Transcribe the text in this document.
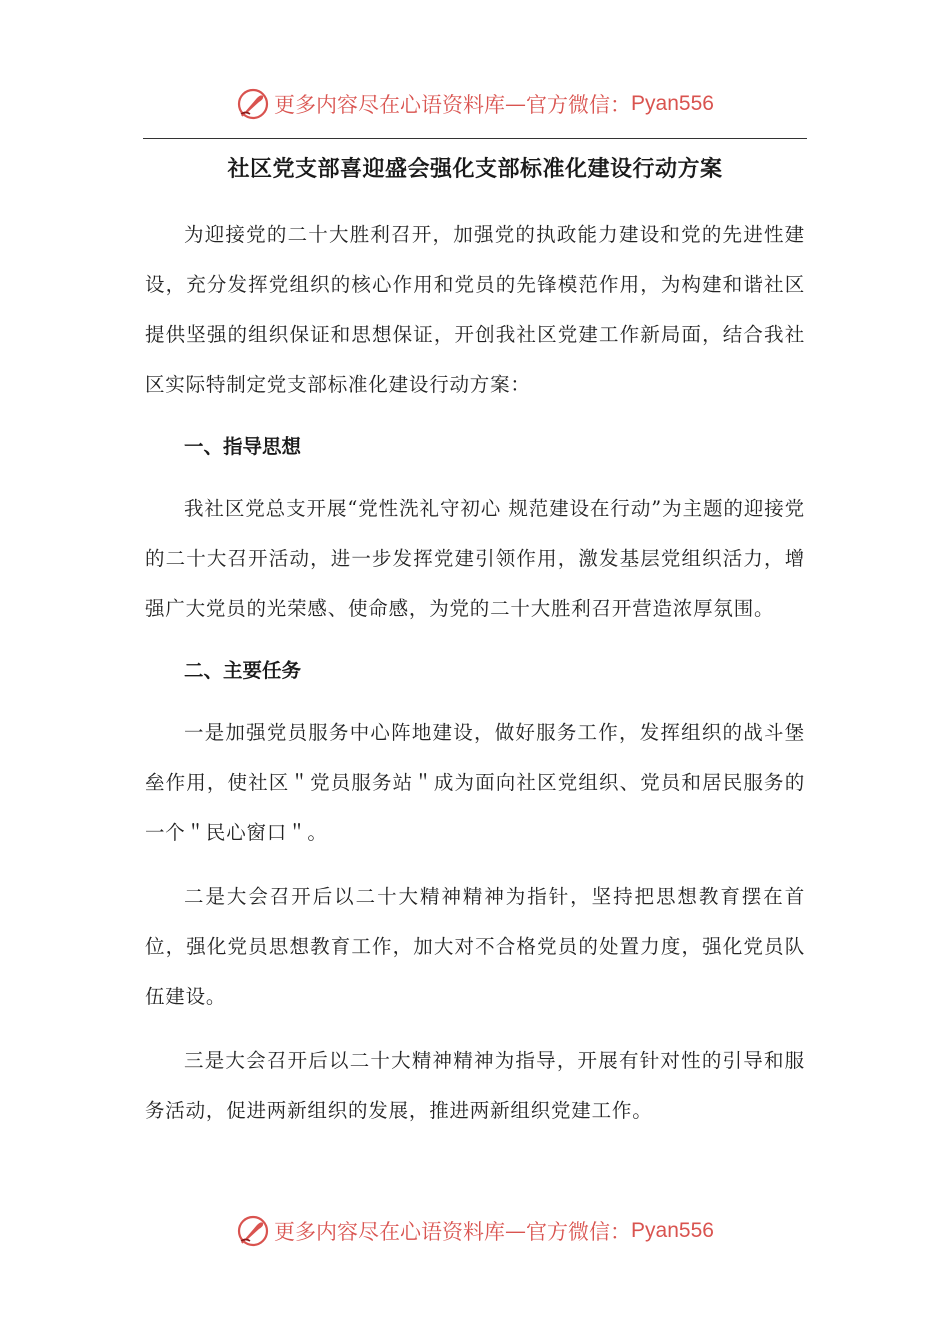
更多内容尽在心语资料库 — 官方微信： Pyan556
社区党支部喜迎盛会强化支部标准化建设行动方案

为迎接党的二十大胜利召开，加强党的执政能力建设和党的先进性建设，充分发挥党组织的核心作用和党员的先锋模范作用，为构建和谐社区提供坚强的组织保证和思想保证，开创我社区党建工作新局面，结合我社区实际特制定党支部标准化建设行动方案：

一、指导思想

我社区党总支开展“党性洗礼守初心 规范建设在行动”为主题的迎接党的二十大召开活动，进一步发挥党建引领作用，激发基层党组织活力，增强广大党员的光荣感、使命感，为党的二十大胜利召开营造浓厚氛围。

二、主要任务

一是加强党员服务中心阵地建设，做好服务工作，发挥组织的战斗堡垒作用，使社区＂党员服务站＂成为面向社区党组织、党员和居民服务的一个＂民心窗口＂。

二是大会召开后以二十大精神精神为指针，坚持把思想教育摆在首位，强化党员思想教育工作，加大对不合格党员的处置力度，强化党员队伍建设。

三是大会召开后以二十大精神精神为指导，开展有针对性的引导和服务活动，促进两新组织的发展，推进两新组织党建工作。

更多内容尽在心语资料库 — 官方微信： Pyan556
